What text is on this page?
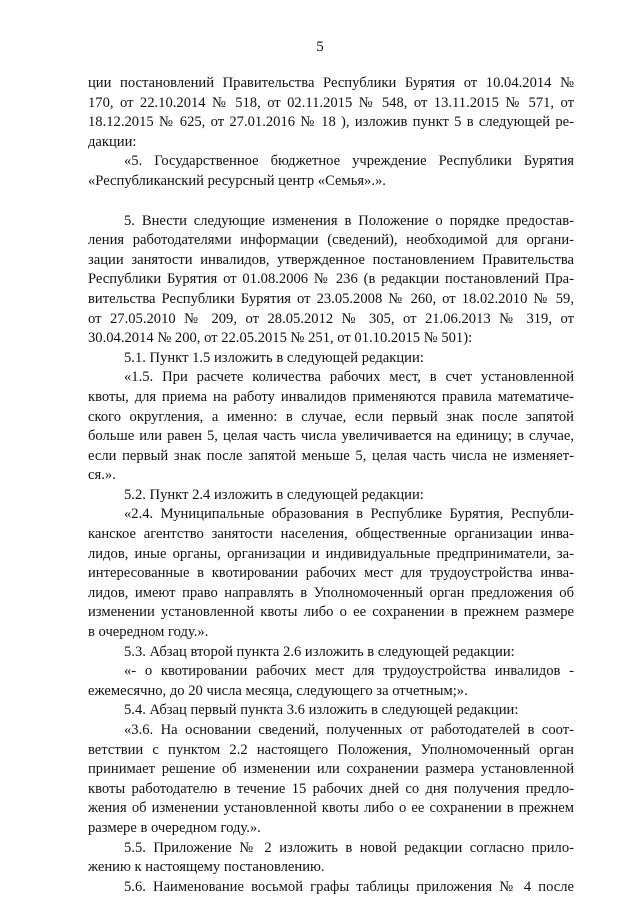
5
ции постановлений Правительства Республики Бурятия от 10.04.2014 №
170, от 22.10.2014 № 518, от 02.11.2015 № 548, от 13.11.2015 № 571, от
18.12.2015 № 625, от 27.01.2016 № 18 ), изложив пункт 5 в следующей ре-
дакции:
«5. Государственное бюджетное учреждение Республики Бурятия
«Республиканский ресурсный центр «Семья».».
5. Внести следующие изменения в Положение о порядке предостав-
ления работодателями информации (сведений), необходимой для органи-
зации занятости инвалидов, утвержденное постановлением Правительства
Республики Бурятия от 01.08.2006 № 236 (в редакции постановлений Пра-
вительства Республики Бурятия от 23.05.2008 № 260, от 18.02.2010 № 59,
от 27.05.2010 № 209, от 28.05.2012 № 305, от 21.06.2013 № 319, от
30.04.2014 № 200, от 22.05.2015 № 251, от 01.10.2015 № 501):
5.1. Пункт 1.5 изложить в следующей редакции:
«1.5. При расчете количества рабочих мест, в счет установленной
квоты, для приема на работу инвалидов применяются правила математиче-
ского округления, а именно: в случае, если первый знак после запятой
больше или равен 5, целая часть числа увеличивается на единицу; в случае,
если первый знак после запятой меньше 5, целая часть числа не изменяет-
ся.».
5.2. Пункт 2.4 изложить в следующей редакции:
«2.4. Муниципальные образования в Республике Бурятия, Республи-
канское агентство занятости населения, общественные организации инва-
лидов, иные органы, организации и индивидуальные предприниматели, за-
интересованные в квотировании рабочих мест для трудоустройства инва-
лидов, имеют право направлять в Уполномоченный орган предложения об
изменении установленной квоты либо о ее сохранении в прежнем размере
в очередном году.».
5.3. Абзац второй пункта 2.6 изложить в следующей редакции:
«- о квотировании рабочих мест для трудоустройства инвалидов -
ежемесячно, до 20 числа месяца, следующего за отчетным;».
5.4. Абзац первый пункта 3.6 изложить в следующей редакции:
«3.6. На основании сведений, полученных от работодателей в соот-
ветствии с пунктом 2.2 настоящего Положения, Уполномоченный орган
принимает решение об изменении или сохранении размера установленной
квоты работодателю в течение 15 рабочих дней со дня получения предло-
жения об изменении установленной квоты либо о ее сохранении в прежнем
размере в очередном году.».
5.5. Приложение № 2 изложить в новой редакции согласно прило-
жению к настоящему постановлению.
5.6. Наименование восьмой графы таблицы приложения № 4 после
